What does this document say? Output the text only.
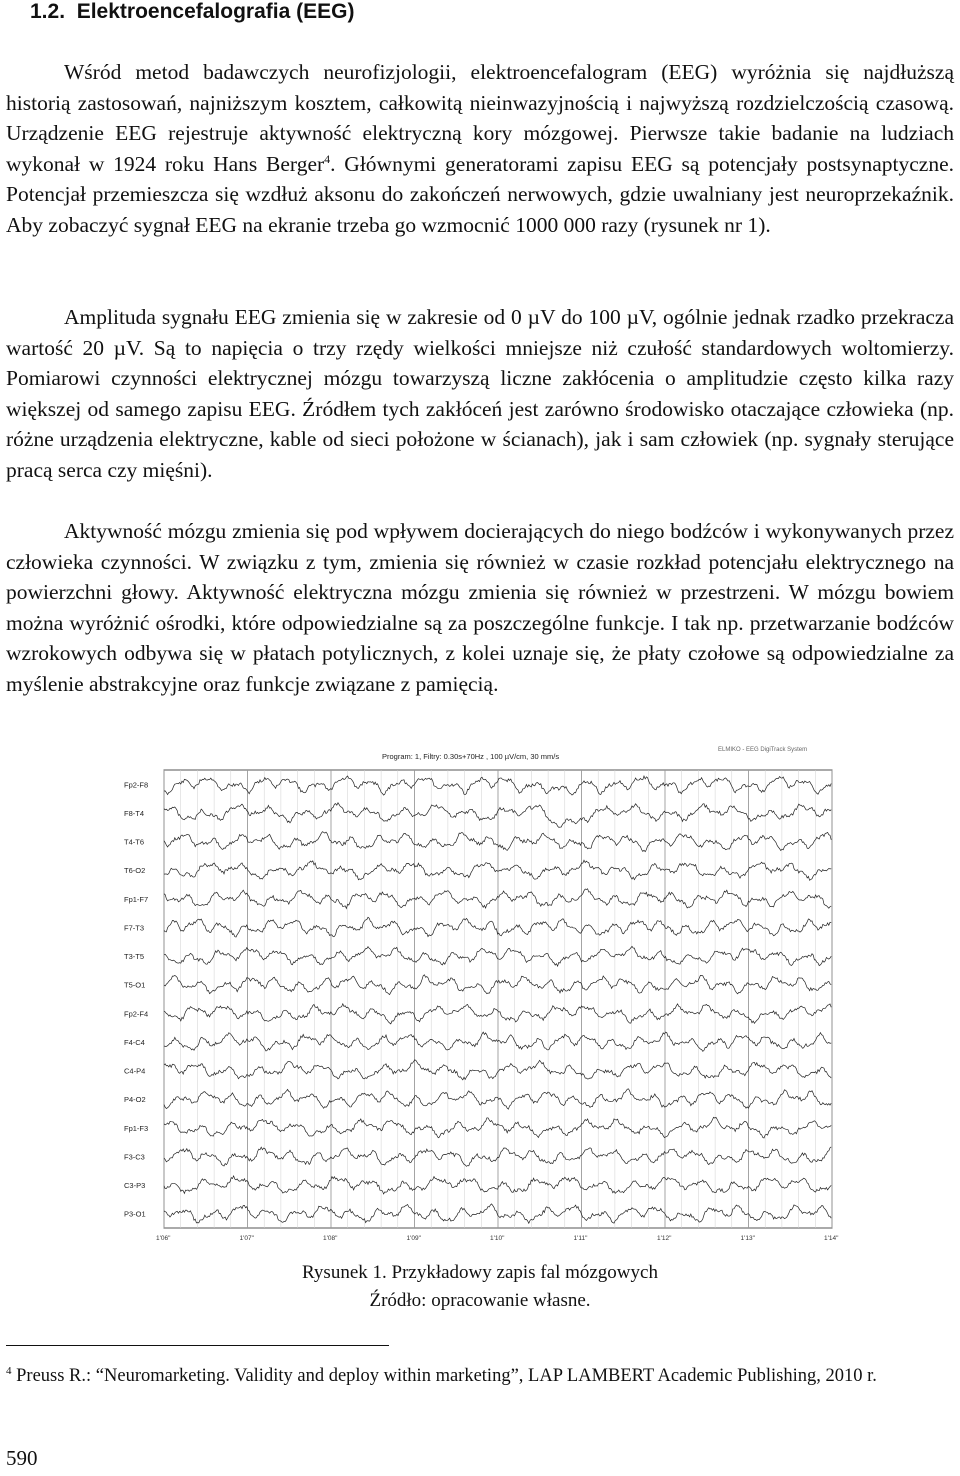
1.2. Elektroencefalografia (EEG)

Wśród metod badawczych neurofizjologii, elektroencefalogram (EEG) wyróżnia się najdłuższą historią zastosowań, najniższym kosztem, całkowitą nieinwazyjnością i najwyższą rozdzielczością czasową. Urządzenie EEG rejestruje aktywność elektryczną kory mózgowej. Pierwsze takie badanie na ludziach wykonał w 1924 roku Hans Berger$^4$. Głównymi generatorami zapisu EEG są potencjały postsynaptyczne. Potencjał przemieszcza się wzdłuż aksonu do zakończeń nerwowych, gdzie uwalniany jest neuroprzekaźnik. Aby zobaczyć sygnał EEG na ekranie trzeba go wzmocnić 1000 000 razy (rysunek nr 1).

Amplituda sygnału EEG zmienia się w zakresie od 0 µV do 100 µV, ogólnie jednak rzadko przekracza wartość 20 µV. Są to napięcia o trzy rzędy wielkości mniejsze niż czułość standardowych woltomierzy. Pomiarowi czynności elektrycznej mózgu towarzyszą liczne zakłócenia o amplitudzie często kilka razy większej od samego zapisu EEG. Źródłem tych zakłóceń jest zarówno środowisko otaczające człowieka (np. różne urządzenia elektryczne, kable od sieci położone w ścianach), jak i sam człowiek (np. sygnały sterujące pracą serca czy mięśni).

Aktywność mózgu zmienia się pod wpływem docierających do niego bodźców i wykonywanych przez człowieka czynności. W związku z tym, zmienia się również w czasie rozkład potencjału elektrycznego na powierzchni głowy. Aktywność elektryczna mózgu zmienia się również w przestrzeni. W mózgu bowiem można wyróżnić ośrodki, które odpowiedzialne są za poszczególne funkcje. I tak np. przetwarzanie bodźców wzrokowych odbywa się w płatach potylicznych, z kolei uznaje się, że płaty czołowe są odpowiedzialne za myślenie abstrakcyjne oraz funkcje związane z pamięcią.

Program: 1, Filtry: 0.30s+70Hz , 100 µV/cm, 30 mm/s
ELMIKO - EEG DigiTrack System
Fp2-F8
F8-T4
T4-T6
T6-O2
Fp1-F7
F7-T3
T3-T5
T5-O1
Fp2-F4
F4-C4
C4-P4
P4-O2
Fp1-F3
F3-C3
C3-P3
P3-O1
1'06"	1'07"	1'08"	1'09"	1'10"	1'11"	1'12"	1'13"	1'14"
Rysunek 1. Przykładowy zapis fal mózgowych
Źródło: opracowanie własne.

$^4$ Preuss R.: “Neuromarketing. Validity and deploy within marketing”, LAP LAMBERT Academic Publishing, 2010 r.

590
